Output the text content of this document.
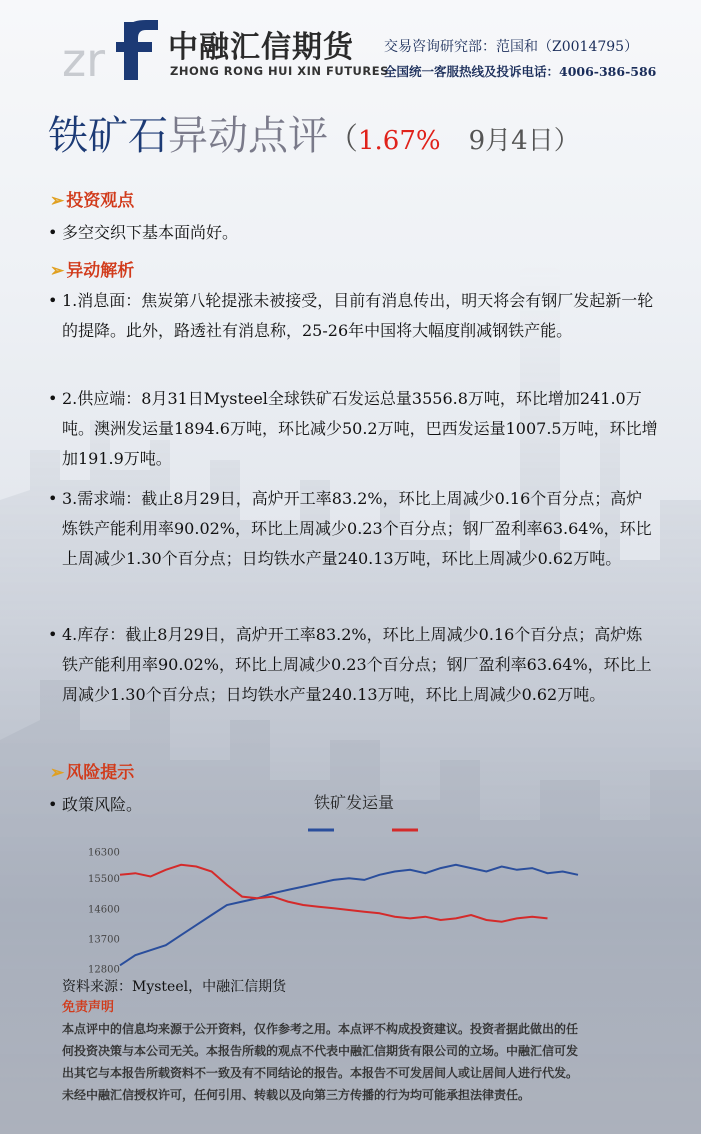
zr 中融汇信期货
ZHONG RONG HUI XIN FUTURES
交易咨询研究部：范国和（Z0014795）
全国统一客服热线及投诉电话：4006-386-586
铁矿石异动点评（1.67% 9月4日）
➢ 投资观点
• 多空交织下基本面尚好。
➢ 异动解析
• 1.消息面：焦炭第八轮提涨未被接受，目前有消息传出，明天将会有钢厂发起新一轮的提降。此外，路透社有消息称，25-26年中国将大幅度削减钢铁产能。
• 2.供应端：8月31日Mysteel全球铁矿石发运总量3556.8万吨，环比增加241.0万吨。澳洲发运量1894.6万吨，环比减少50.2万吨，巴西发运量1007.5万吨，环比增加191.9万吨。
• 3.需求端：截止8月29日，高炉开工率83.2%，环比上周减少0.16个百分点；高炉炼铁产能利用率90.02%，环比上周减少0.23个百分点；钢厂盈利率63.64%，环比上周减少1.30个百分点；日均铁水产量240.13万吨，环比上周减少0.62万吨。
• 4.库存：截止8月29日，高炉开工率83.2%，环比上周减少0.16个百分点；高炉炼铁产能利用率90.02%，环比上周减少0.23个百分点；钢厂盈利率63.64%，环比上周减少1.30个百分点；日均铁水产量240.13万吨，环比上周减少0.62万吨。
➢ 风险提示
• 政策风险。	铁矿发运量
16300
15500
14600
13700
12800
资料来源：Mysteel，中融汇信期货
免责声明
本点评中的信息均来源于公开资料，仅作参考之用。本点评不构成投资建议。投资者据此做出的任
何投资决策与本公司无关。本报告所载的观点不代表中融汇信期货有限公司的立场。中融汇信可发
出其它与本报告所载资料不一致及有不同结论的报告。本报告不可发居间人或让居间人进行代发。
未经中融汇信授权许可，任何引用、转载以及向第三方传播的行为均可能承担法律责任。
